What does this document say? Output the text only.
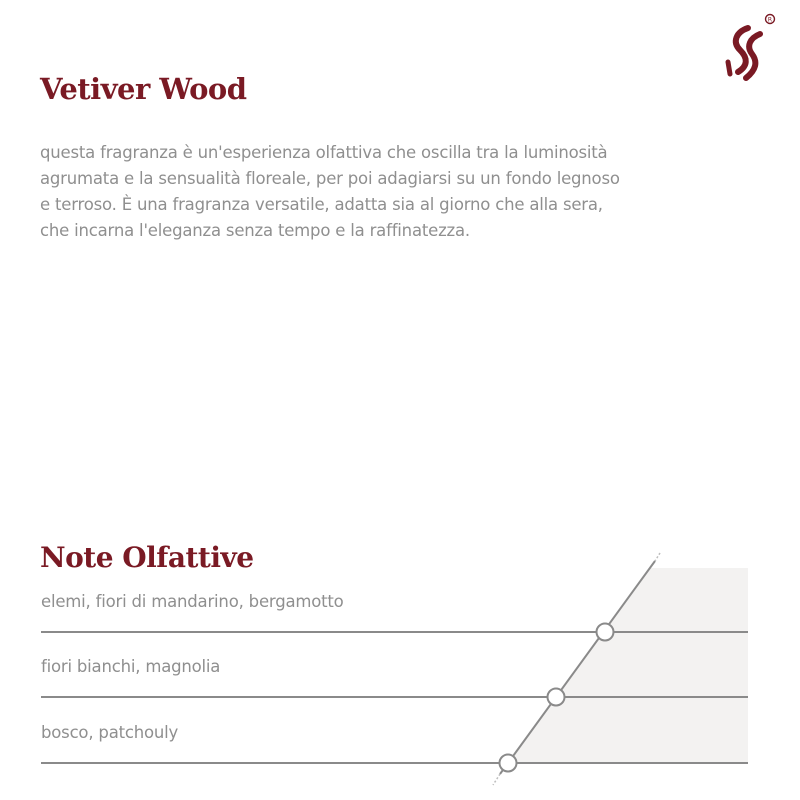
R
Vetiver Wood

questa fragranza è un'esperienza olfattiva che oscilla tra la luminosità agrumata e la sensualità floreale, per poi adagiarsi su un fondo legnoso e terroso. È una fragranza versatile, adatta sia al giorno che alla sera, che incarna l'eleganza senza tempo e la raffinatezza.

Note Olfattive
elemi, fiori di mandarino, bergamotto
fiori bianchi, magnolia
bosco, patchouly
